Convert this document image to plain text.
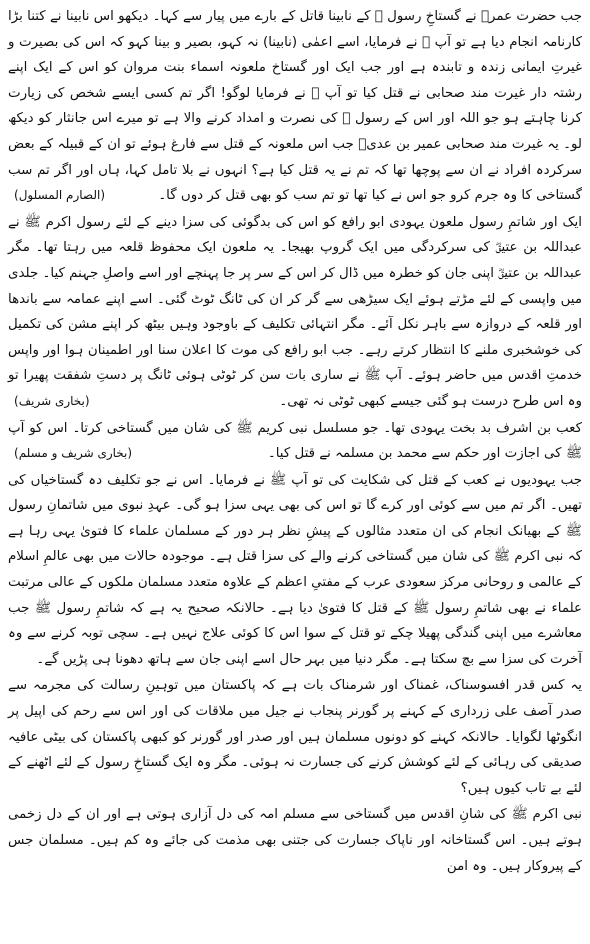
جب حضرت عمرؓ نے گستاخِ رسول ﷺ کے نابینا قاتل کے بارے میں پیار سے کہا۔ دیکھو اس نابینا نے کتنا بڑا کارنامہ انجام دیا ہے تو آپ ﷺ نے فرمایا، اسے اعمٰی (نابینا) نہ کہو، بصیر و بینا کہو کہ اس کی بصیرت و غیرتِ ایمانی زندہ و تابندہ ہے اور جب ایک اور گستاخ ملعونہ اسماء بنت مروان کو اس کے ایک اپنے رشتہ دار غیرت مند صحابی نے قتل کیا تو آپ ﷺ نے فرمایا لوگو! اگر تم کسی ایسے شخص کی زیارت کرنا چاہتے ہو جو اللہ اور اس کے رسول ﷺ کی نصرت و امداد کرنے والا ہے تو میرے اس جانثار کو دیکھ لو۔ یہ غیرت مند صحابی عمیر بن عدیؓ جب اس ملعونہ کے قتل سے فارغ ہوئے تو ان کے قبیلہ کے بعض سرکردہ افراد نے ان سے پوچھا تھا کہ تم نے یہ قتل کیا ہے؟ انہوں نے بلا تامل کہا، ہاں اور اگر تم سب گستاخی کا وہ جرم کرو جو اس نے کیا تھا تو تم سب کو بھی قتل کر دوں گا۔
( الصارم المسلول )

ایک اور شاتمِ رسول ملعون یہودی ابو رافع کو اس کی بدگوئی کی سزا دینے کے لئے رسول اکرم ﷺ نے عبداللہ بن عتیقؓ کی سرکردگی میں ایک گروپ بھیجا۔ یہ ملعون ایک محفوظ قلعہ میں رہتا تھا۔ مگر عبداللہ بن عتیقؓ اپنی جان کو خطرہ میں ڈال کر اس کے سر پر جا پہنچے اور اسے واصلِ جہنم کیا۔ جلدی میں واپسی کے لئے مڑتے ہوئے ایک سیڑھی سے گر کر ان کی ٹانگ ٹوٹ گئی۔ اسے اپنے عمامہ سے باندھا اور قلعہ کے دروازہ سے باہر نکل آئے۔ مگر انتہائی تکلیف کے باوجود وہیں بیٹھ کر اپنے مشن کی تکمیل کی خوشخبری ملنے کا انتظار کرتے رہے۔ جب ابو رافع کی موت کا اعلان سنا اور اطمینان ہوا اور واپس خدمتِ اقدس میں حاضر ہوئے۔ آپ ﷺ نے ساری بات سن کر ٹوٹی ہوئی ٹانگ پر دستِ شفقت پھیرا تو وہ اس طرح درست ہو گئی جیسے کبھی ٹوٹی نہ تھی۔
( بخاری شریف )

کعب بن اشرف بد بخت یہودی تھا۔ جو مسلسل نبی کریم ﷺ کی شان میں گستاخی کرتا۔ اس کو آپ ﷺ کی اجازت اور حکم سے محمد بن مسلمہ نے قتل کیا۔
( بخاری شریف و مسلم )

جب یہودیوں نے کعب کے قتل کی شکایت کی تو آپ ﷺ نے فرمایا۔ اس نے جو تکلیف دہ گستاخیاں کی تھیں۔ اگر تم میں سے کوئی اور کرے گا تو اس کی بھی یہی سزا ہو گی۔ عہدِ نبوی میں شاتمانِ رسول ﷺ کے بھیانک انجام کی ان متعدد مثالوں کے پیشِ نظر ہر دور کے مسلمان علماء کا فتویٰ یہی رہا ہے کہ نبی اکرم ﷺ کی شان میں گستاخی کرنے والے کی سزا قتل ہے۔ موجودہ حالات میں بھی عالمِ اسلام کے عالمی و روحانی مرکز سعودی عرب کے مفتیِ اعظم کے علاوہ متعدد مسلمان ملکوں کے عالی مرتبت علماء نے بھی شاتمِ رسول ﷺ کے قتل کا فتویٰ دیا ہے۔ حالانکہ صحیح یہ ہے کہ شاتمِ رسول ﷺ جب معاشرے میں اپنی گندگی پھیلا چکے تو قتل کے سوا اس کا کوئی علاج نہیں ہے۔ سچی توبہ کرنے سے وہ آخرت کی سزا سے بچ سکتا ہے۔ مگر دنیا میں بہر حال اسے اپنی جان سے ہاتھ دھونا ہی پڑیں گے۔

یہ کس قدر افسوسناک، غمناک اور شرمناک بات ہے کہ پاکستان میں توہینِ رسالت کی مجرمہ سے صدر آصف علی زرداری کے کہنے پر گورنر پنجاب نے جیل میں ملاقات کی اور اس سے رحم کی اپیل پر انگوٹھا لگوایا۔ حالانکہ کہنے کو دونوں مسلمان ہیں اور صدر اور گورنر کو کبھی پاکستان کی بیٹی عافیہ صدیقی کی رہائی کے لئے کوشش کرنے کی جسارت نہ ہوئی۔ مگر وہ ایک گستاخِ رسول کے لئے اٹھنے کے لئے بے تاب کیوں ہیں؟

نبی اکرم ﷺ کی شانِ اقدس میں گستاخی سے مسلم امہ کی دل آزاری ہوتی ہے اور ان کے دل زخمی ہوتے ہیں۔ اس گستاخانہ اور ناپاک جسارت کی جتنی بھی مذمت کی جائے وہ کم ہیں۔ مسلمان جس کے پیروکار ہیں۔ وہ امن
